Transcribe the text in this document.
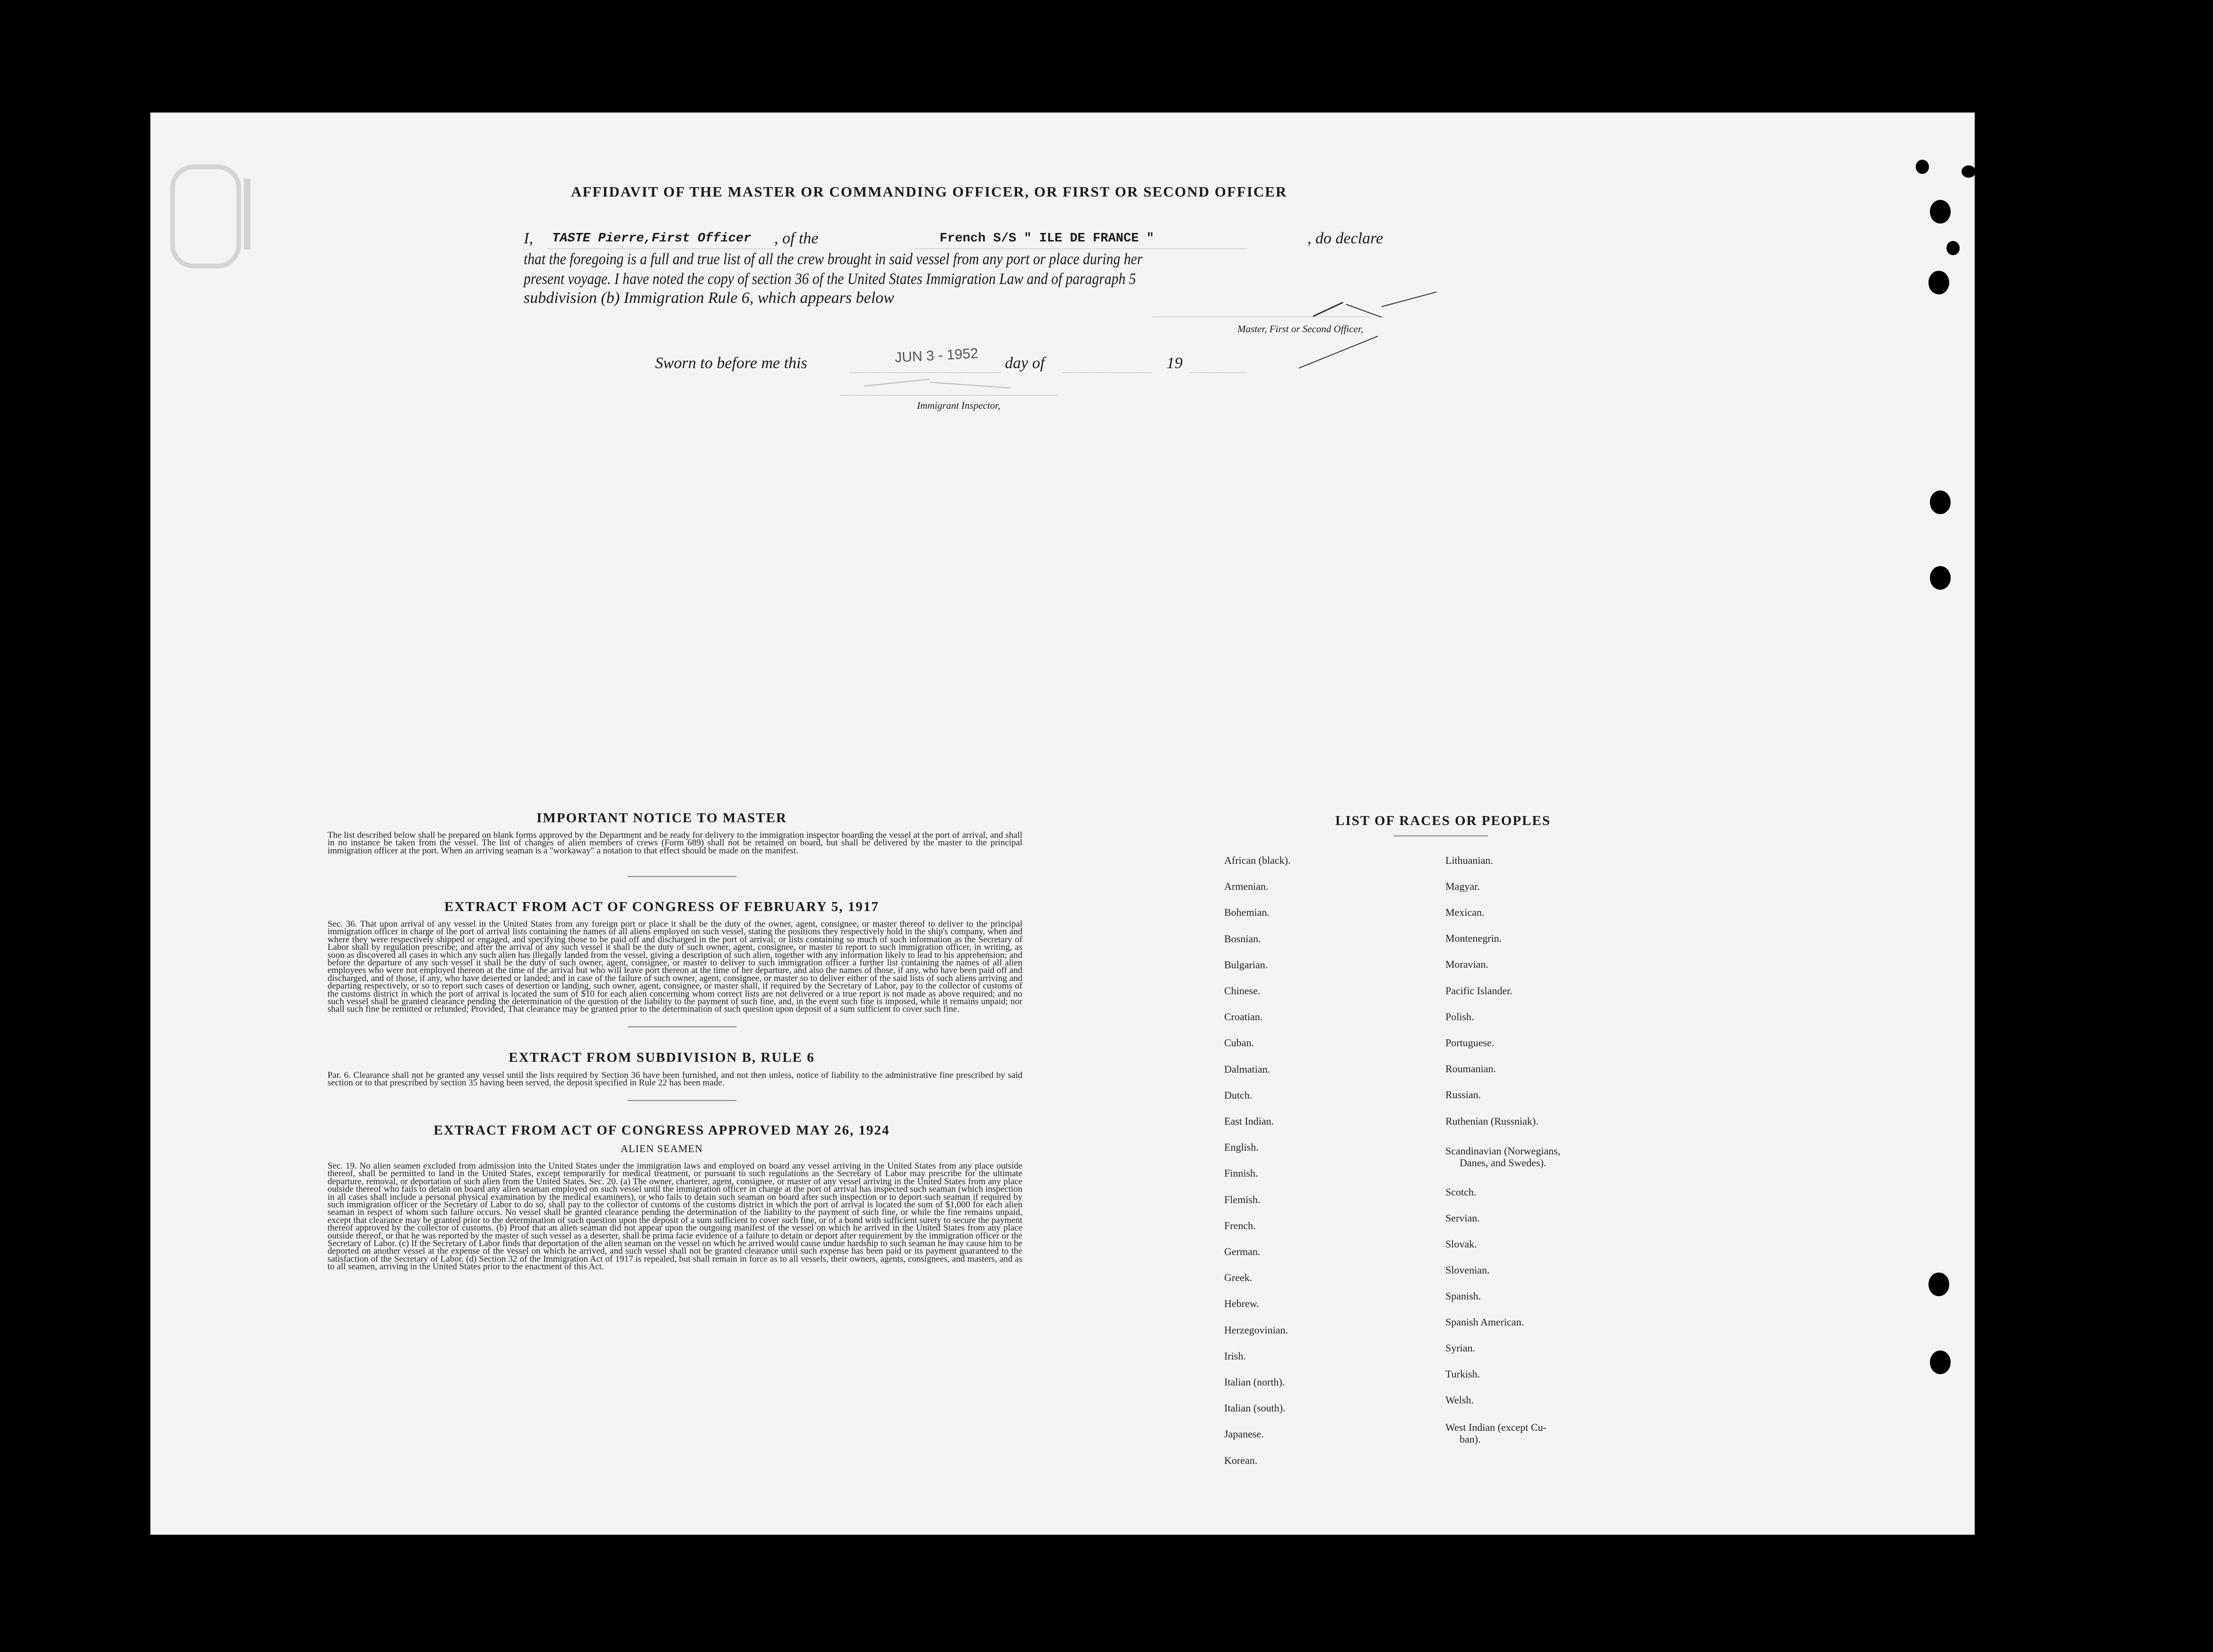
AFFIDAVIT OF THE MASTER OR COMMANDING OFFICER, OR FIRST OR SECOND OFFICER
I, TASTE Pierre,First Officer , of the	French S/S " ILE DE FRANCE "	, do declare
that the foregoing is a full and true list of all the crew brought in said vessel from any port or place during her
present voyage. I have noted the copy of section 36 of the United States Immigration Law and of paragraph 5
subdivision (b) Immigration Rule 6, which appears below
Master, First or Second Officer,
Sworn to before me this	JUN 3 - 1952 day of	19
Immigrant Inspector,
IMPORTANT NOTICE TO MASTER
The list described below shall be prepared on blank forms approved by the Department and be ready for delivery to the immigration inspector boarding the vessel at the port of arrival, and shall in no instance be taken from the vessel. The list of changes of alien members of crews (Form 689) shall not be retained on board, but shall be delivered by the master to the principal immigration officer at the port. When an arriving seaman is a "workaway" a notation to that effect should be made on the manifest.
EXTRACT FROM ACT OF CONGRESS OF FEBRUARY 5, 1917
Sec. 36. That upon arrival of any vessel in the United States from any foreign port or place it shall be the duty of the owner, agent, consignee, or master thereof to deliver to the principal immigration officer in charge of the port of arrival lists containing the names of all aliens employed on such vessel, stating the positions they respectively hold in the ship's company, when and where they were respectively shipped or engaged, and specifying those to be paid off and discharged in the port of arrival; or lists containing so much of such information as the Secretary of Labor shall by regulation prescribe; and after the arrival of any such vessel it shall be the duty of such owner, agent, consignee, or master to report to such immigration officer, in writing, as soon as discovered all cases in which any such alien has illegally landed from the vessel, giving a description of such alien, together with any information likely to lead to his apprehension; and before the departure of any such vessel it shall be the duty of such owner, agent, consignee, or master to deliver to such immigration officer a further list containing the names of all alien employees who were not employed thereon at the time of the arrival but who will leave port thereon at the time of her departure, and also the names of those, if any, who have been paid off and discharged, and of those, if any, who have deserted or landed; and in case of the failure of such owner, agent, consignee, or master so to deliver either of the said lists of such aliens arriving and departing respectively, or so to report such cases of desertion or landing, such owner, agent, consignee, or master shall, if required by the Secretary of Labor, pay to the collector of customs of the customs district in which the port of arrival is located the sum of $10 for each alien concerning whom correct lists are not delivered or a true report is not made as above required; and no such vessel shall be granted clearance pending the determination of the question of the liability to the payment of such fine, and, in the event such fine is imposed, while it remains unpaid; nor shall such fine be remitted or refunded; Provided, That clearance may be granted prior to the determination of such question upon deposit of a sum sufficient to cover such fine.
EXTRACT FROM SUBDIVISION B, RULE 6
Par. 6. Clearance shall not be granted any vessel until the lists required by Section 36 have been furnished, and not then unless, notice of liability to the administrative fine prescribed by said section or to that prescribed by section 35 having been served, the deposit specified in Rule 22 has been made.
EXTRACT FROM ACT OF CONGRESS APPROVED MAY 26, 1924
ALIEN SEAMEN
Sec. 19. No alien seamen excluded from admission into the United States under the immigration laws and employed on board any vessel arriving in the United States from any place outside thereof, shall be permitted to land in the United States, except temporarily for medical treatment, or pursuant to such regulations as the Secretary of Labor may prescribe for the ultimate departure, removal, or deportation of such alien from the United States. Sec. 20. (a) The owner, charterer, agent, consignee, or master of any vessel arriving in the United States from any place outside thereof who fails to detain on board any alien seaman employed on such vessel until the immigration officer in charge at the port of arrival has inspected such seaman (which inspection in all cases shall include a personal physical examination by the medical examiners), or who fails to detain such seaman on board after such inspection or to deport such seaman if required by such immigration officer or the Secretary of Labor to do so, shall pay to the collector of customs of the customs district in which the port of arrival is located the sum of $1,000 for each alien seaman in respect of whom such failure occurs. No vessel shall be granted clearance pending the determination of the liability to the payment of such fine, or while the fine remains unpaid, except that clearance may be granted prior to the determination of such question upon the deposit of a sum sufficient to cover such fine, or of a bond with sufficient surety to secure the payment thereof approved by the collector of customs. (b) Proof that an alien seaman did not appear upon the outgoing manifest of the vessel on which he arrived in the United States from any place outside thereof, or that he was reported by the master of such vessel as a deserter, shall be prima facie evidence of a failure to detain or deport after requirement by the immigration officer or the Secretary of Labor. (c) If the Secretary of Labor finds that deportation of the alien seaman on the vessel on which he arrived would cause undue hardship to such seaman he may cause him to be deported on another vessel at the expense of the vessel on which he arrived, and such vessel shall not be granted clearance until such expense has been paid or its payment guaranteed to the satisfaction of the Secretary of Labor. (d) Section 32 of the Immigration Act of 1917 is repealed, but shall remain in force as to all vessels, their owners, agents, consignees, and masters, and as to all seamen, arriving in the United States prior to the enactment of this Act.
LIST OF RACES OR PEOPLES
African (black).
Armenian.
Bohemian.
Bosnian.
Bulgarian.
Chinese.
Croatian.
Cuban.
Dalmatian.
Dutch.
East Indian.
English.
Finnish.
Flemish.
French.
German.
Greek.
Hebrew.
Herzegovinian.
Irish.
Italian (north).
Italian (south).
Japanese.
Korean.
Lithuanian.
Magyar.
Mexican.
Montenegrin.
Moravian.
Pacific Islander.
Polish.
Portuguese.
Roumanian.
Russian.
Ruthenian (Russniak).
Scandinavian (Norwegians,
Danes, and Swedes).
Scotch.
Servian.
Slovak.
Slovenian.
Spanish.
Spanish American.
Syrian.
Turkish.
Welsh.
West Indian (except Cu-
ban).
